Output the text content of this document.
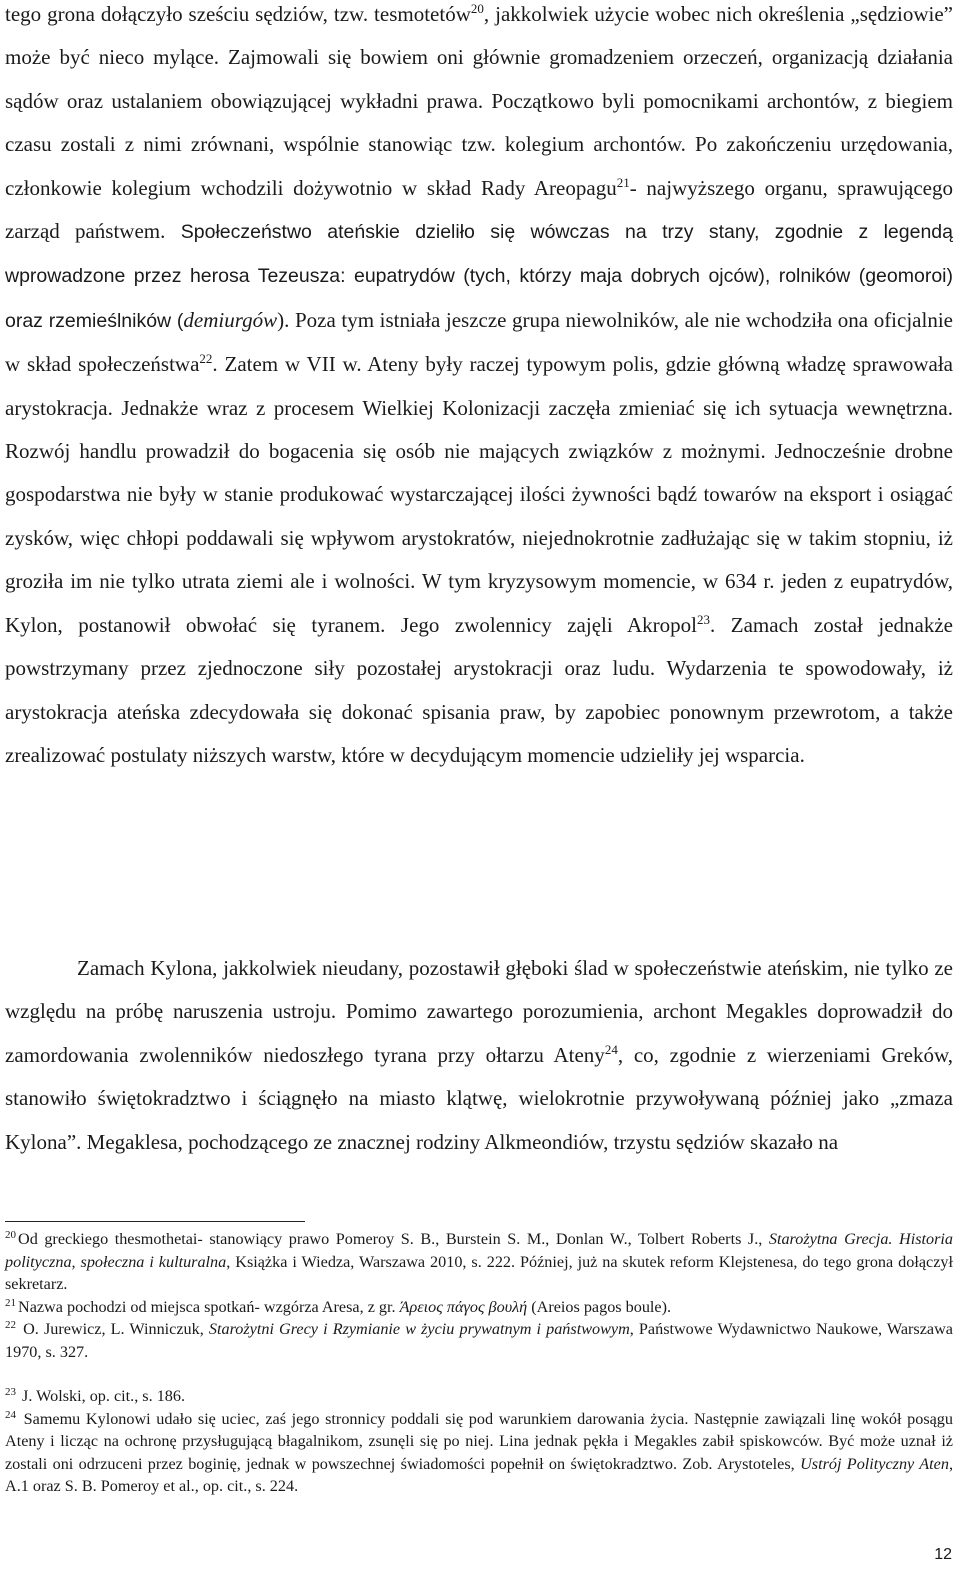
tego grona dołączyło sześciu sędziów, tzw. tesmotetów$^{20}$, jakkolwiek użycie wobec nich określenia „sędziowie” może być nieco mylące. Zajmowali się bowiem oni głównie gromadzeniem orzeczeń, organizacją działania sądów oraz ustalaniem obowiązującej wykładni prawa. Początkowo byli pomocnikami archontów, z biegiem czasu zostali z nimi zrównani, wspólnie stanowiąc tzw. kolegium archontów. Po zakończeniu urzędowania, członkowie kolegium wchodzili dożywotnio w skład Rady Areopagu$^{21}$- najwyższego organu, sprawującego zarząd państwem. Społeczeństwo ateńskie dzieliło się wówczas na trzy stany, zgodnie z legendą wprowadzone przez herosa Tezeusza: eupatrydów (tych, którzy maja dobrych ojców), rolników (geomoroi) oraz rzemieślników (demiurgów). Poza tym istniała jeszcze grupa niewolników, ale nie wchodziła ona oficjalnie w skład społeczeństwa$^{22}$. Zatem w VII w. Ateny były raczej typowym polis, gdzie główną władzę sprawowała arystokracja. Jednakże wraz z procesem Wielkiej Kolonizacji zaczęła zmieniać się ich sytuacja wewnętrzna. Rozwój handlu prowadził do bogacenia się osób nie mających związków z możnymi. Jednocześnie drobne gospodarstwa nie były w stanie produkować wystarczającej ilości żywności bądź towarów na eksport i osiągać zysków, więc chłopi poddawali się wpływom arystokratów, niejednokrotnie zadłużając się w takim stopniu, iż groziła im nie tylko utrata ziemi ale i wolności. W tym kryzysowym momencie, w 634 r. jeden z eupatrydów, Kylon, postanowił obwołać się tyranem. Jego zwolennicy zajęli Akropol$^{23}$. Zamach został jednakże powstrzymany przez zjednoczone siły pozostałej arystokracji oraz ludu. Wydarzenia te spowodowały, iż arystokracja ateńska zdecydowała się dokonać spisania praw, by zapobiec ponownym przewrotom, a także zrealizować postulaty niższych warstw, które w decydującym momencie udzieliły jej wsparcia.

Zamach Kylona, jakkolwiek nieudany, pozostawił głęboki ślad w społeczeństwie ateńskim, nie tylko ze względu na próbę naruszenia ustroju. Pomimo zawartego porozumienia, archont Megakles doprowadził do zamordowania zwolenników niedoszłego tyrana przy ołtarzu Ateny$^{24}$, co, zgodnie z wierzeniami Greków, stanowiło świętokradztwo i ściągnęło na miasto klątwę, wielokrotnie przywoływaną później jako „zmaza Kylona”. Megaklesa, pochodzącego ze znacznej rodziny Alkmeondiów, trzystu sędziów skazało na

$^{20}$ Od greckiego thesmothetai- stanowiący prawo Pomeroy S. B., Burstein S. M., Donlan W., Tolbert Roberts J., Starożytna Grecja. Historia polityczna, społeczna i kulturalna, Książka i Wiedza, Warszawa 2010, s. 222. Później, już na skutek reform Klejstenesa, do tego grona dołączył sekretarz.

$^{21}$ Nazwa pochodzi od miejsca spotkań- wzgórza Aresa, z gr. Άρειος πάγος βουλή (Areios pagos boule).

$^{22}$ O. Jurewicz, L. Winniczuk, Starożytni Grecy i Rzymianie w życiu prywatnym i państwowym, Państwowe Wydawnictwo Naukowe, Warszawa 1970, s. 327.

$^{23}$ J. Wolski, op. cit., s. 186.

$^{24}$ Samemu Kylonowi udało się uciec, zaś jego stronnicy poddali się pod warunkiem darowania życia. Następnie zawiązali linę wokół posągu Ateny i licząc na ochronę przysługującą błagalnikom, zsunęli się po niej. Lina jednak pękła i Megakles zabił spiskowców. Być może uznał iż zostali oni odrzuceni przez boginię, jednak w powszechnej świadomości popełnił on świętokradztwo. Zob. Arystoteles, Ustrój Polityczny Aten, A.1 oraz S. B. Pomeroy et al., op. cit., s. 224.

12
